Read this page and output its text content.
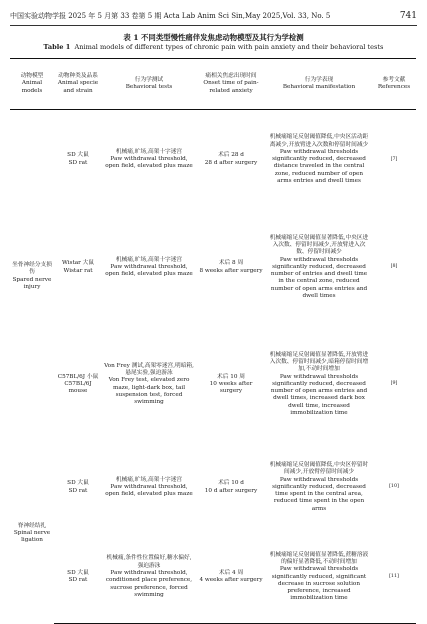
中国实验动物学报 2025 年 5 月第 33 卷第 5 期 Acta Lab Anim Sci Sin,May 2025,Vol. 33, No. 5	741
表 1 不同类型慢性痛伴发焦虑动物模型及其行为学检测
Table 1 Animal models of different types of chronic pain with pain anxiety and their behavioral tests
动物模型
Animal models	动物种类及品系
Animal specie and strain	行为学测试
Behavioral tests	痛相关焦虑出现时间
Onset time of pain-related anxiety	行为学表现
Behavioral manifestation	参考文献
References

坐骨神经分支损伤
Spared nerve injury	SD 大鼠
SD rat	机械痛,旷场,高架十字迷宫
Paw withdrawal threshold, open field, elevated plus maze	术后 28 d
28 d after surgery	机械痛缩足反射阈值降低,中央区活动距离减少,开放臂进入次数和停留时间减少
Paw withdrawal thresholds significantly reduced, decreased distance traveled in the central zone, reduced number of open arms entries and dwell times	[7]

	Wistar 大鼠
Wistar rat	机械痛,旷场,高架十字迷宫
Paw withdrawal threshold, open field, elevated plus maze	术后 8 周
8 weeks after surgery	机械痛缩足反射阈值显著降低,中央区进入次数、停留时间减少,开放臂进入次数、停留时间减少
Paw withdrawal thresholds significantly reduced, decreased number of entries and dwell time in the central zone, reduced number of open arms entries and dwell times	[8]

	C57BL/6J 小鼠
C57BL/6J mouse	Von Frey 测试,高架零迷宫,明暗箱,悬尾实验,强迫游泳
Von Frey test, elevated zero maze, light-dark box, tail suspension test, forced swimming	术后 10 周
10 weeks after surgery	机械痛缩足反射阈值显著降低,开放臂进入次数、停留时间减少,暗箱停留时间增加,不动时间增加
Paw withdrawal thresholds significantly reduced, decreased number of open arms entries and dwell times, increased dark box dwell time, increased immobilization time	[9]

脊神经结扎
Spinal nerve ligation	SD 大鼠
SD rat	机械痛,旷场,高架十字迷宫
Paw withdrawal threshold, open field, elevated plus maze	术后 10 d
10 d after surgery	机械痛缩足反射阈值降低,中央区停留时间减少,开放臂停留时间减少
Paw withdrawal thresholds significantly reduced, decreased time spent in the central area, reduced time spent in the open arms	[10]

	SD 大鼠
SD rat	机械痛,条件性位置偏好,糖水偏好,强迫游泳
Paw withdrawal threshold, conditioned place preference, sucrose preference, forced swimming	术后 4 周
4 weeks after surgery	机械痛缩足反射阈值显著降低,蔗糖溶液的偏好显著降低,不动时间增加
Paw withdrawal thresholds significantly reduced, significant decrease in sucrose solution preference, increased immobilization time	[11]
